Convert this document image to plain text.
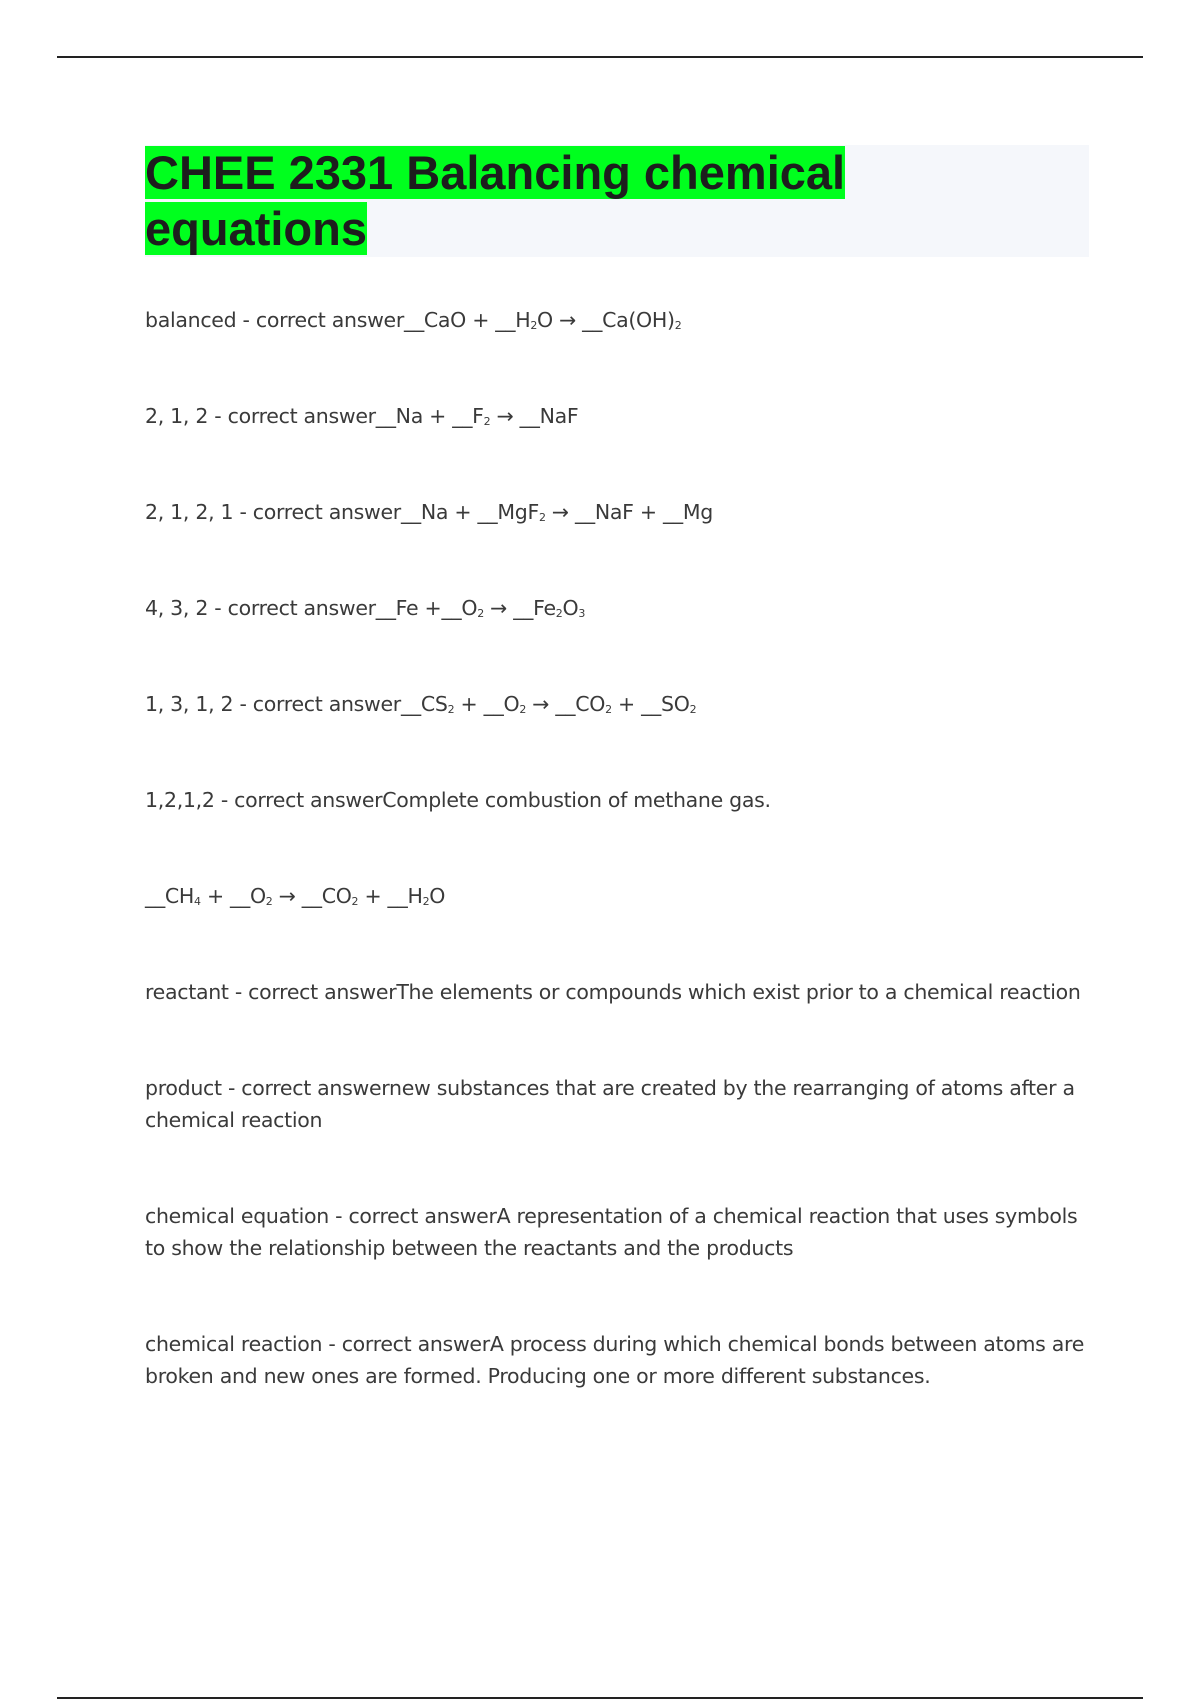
CHEE 2331 Balancing chemical equations

balanced - correct answer__CaO + $\_\_H_2O$ → $\_\_Ca(OH)_2$

2, 1, 2 - correct answer__Na + $\_\_F_2$ → __NaF

2, 1, 2, 1 - correct answer__Na + __MgF$_2$ → __NaF + __Mg

4, 3, 2 - correct answer__Fe $+\_\_O_2$ → $\_\_Fe_2O_3$

1, 3, 1, 2 - correct $answer\_\_CS_2$ + $\_\_O_2$ → $\_\_CO_2$ + $\_\_SO_2$

1,2,1,2 - correct answerComplete combustion of methane gas.

$\_\_CH_4$ + $\_\_O_2$ → $\_\_CO_2$ + $\_\_H_2O$

reactant - correct answerThe elements or compounds which exist prior to a chemical reaction

product - correct answernew substances that are created by the rearranging of atoms after a chemical reaction

chemical equation - correct answerA representation of a chemical reaction that uses symbols to show the relationship between the reactants and the products

chemical reaction - correct answerA process during which chemical bonds between atoms are broken and new ones are formed. Producing one or more different substances.
